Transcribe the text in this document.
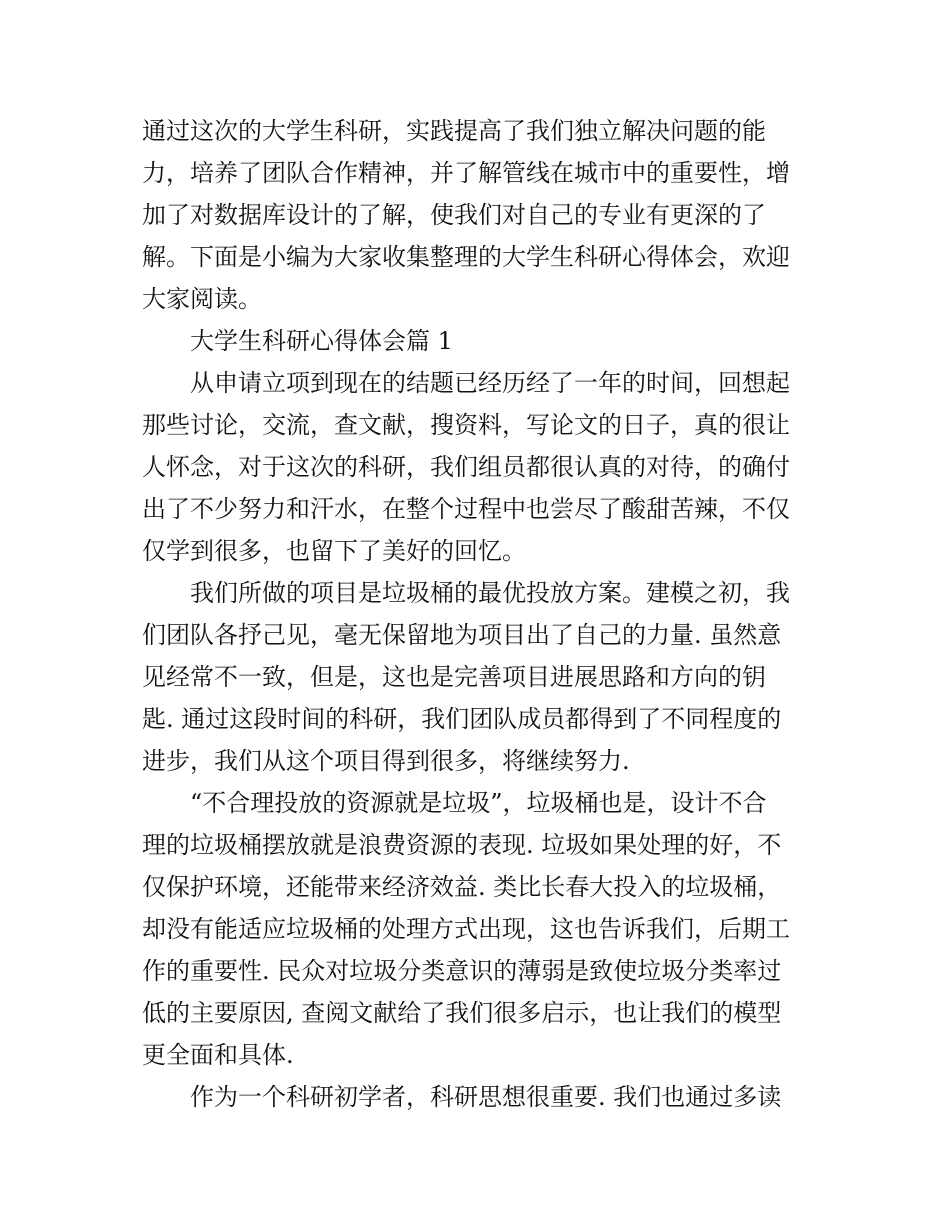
通过这次的大学生科研，实践提高了我们独立解决问题的能
力，培养了团队合作精神，并了解管线在城市中的重要性，增
加了对数据库设计的了解，使我们对自己的专业有更深的了
解。下面是小编为大家收集整理的大学生科研心得体会，欢迎
大家阅读。
大学生科研心得体会篇 1
从申请立项到现在的结题已经历经了一年的时间，回想起
那些讨论，交流，查文献，搜资料，写论文的日子，真的很让
人怀念，对于这次的科研，我们组员都很认真的对待，的确付
出了不少努力和汗水，在整个过程中也尝尽了酸甜苦辣，不仅
仅学到很多，也留下了美好的回忆。
我们所做的项目是垃圾桶的最优投放方案。建模之初，我
们团队各抒己见，毫无保留地为项目出了自己的力量. 虽然意
见经常不一致，但是，这也是完善项目进展思路和方向的钥
匙. 通过这段时间的科研，我们团队成员都得到了不同程度的
进步，我们从这个项目得到很多，将继续努力.
“不合理投放的资源就是垃圾”，垃圾桶也是，设计不合
理的垃圾桶摆放就是浪费资源的表现. 垃圾如果处理的好，不
仅保护环境，还能带来经济效益. 类比长春大投入的垃圾桶，
却没有能适应垃圾桶的处理方式出现，这也告诉我们，后期工
作的重要性. 民众对垃圾分类意识的薄弱是致使垃圾分类率过
低的主要原因, 查阅文献给了我们很多启示，也让我们的模型
更全面和具体.
作为一个科研初学者，科研思想很重要. 我们也通过多读
